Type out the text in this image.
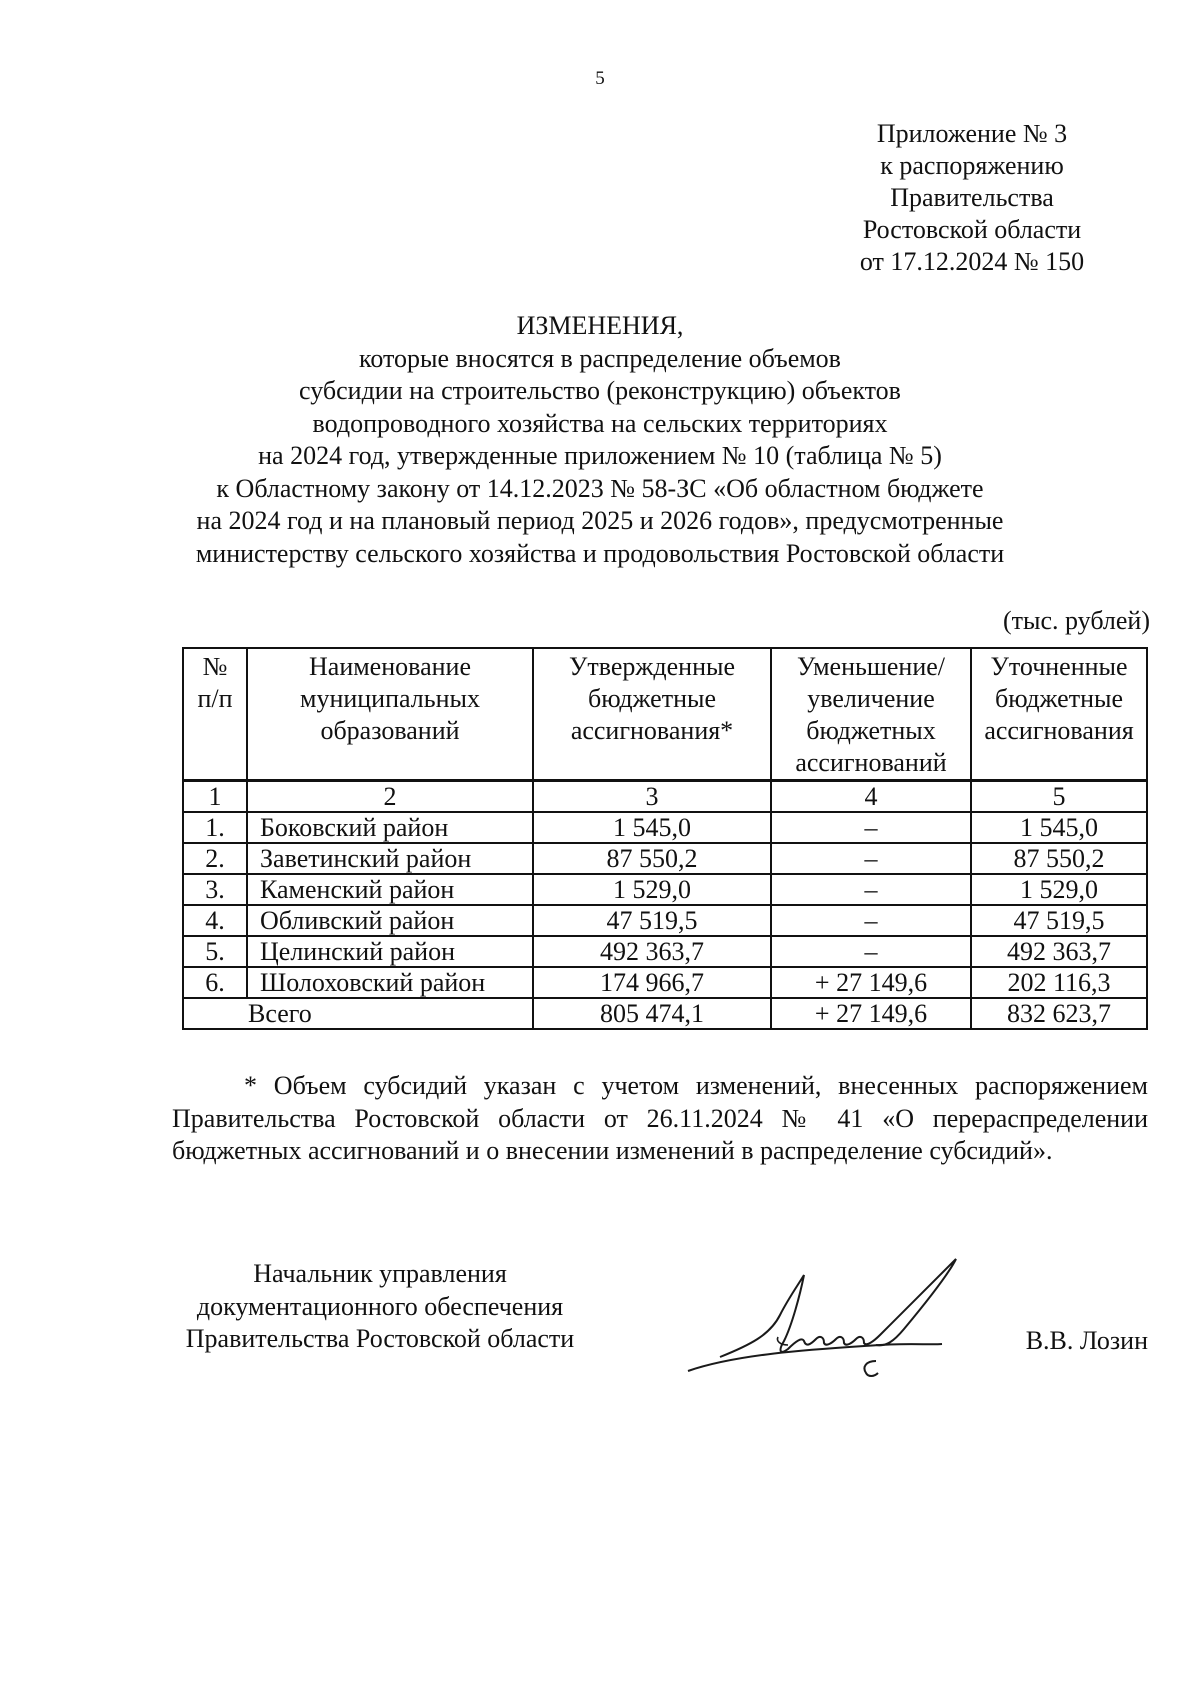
5
Приложение № 3
к распоряжению
Правительства
Ростовской области
от 17.12.2024 № 150
ИЗМЕНЕНИЯ,
которые вносятся в распределение объемов
субсидии на строительство (реконструкцию) объектов
водопроводного хозяйства на сельских территориях
на 2024 год, утвержденные приложением № 10 (таблица № 5)
к Областному закону от 14.12.2023 № 58-ЗС «Об областном бюджете
на 2024 год и на плановый период 2025 и 2026 годов», предусмотренные
министерству сельского хозяйства и продовольствия Ростовской области
(тыс. рублей)
№
п/п	Наименование
муниципальных
образований	Утвержденные
бюджетные
ассигнования*	Уменьшение/
увеличение
бюджетных
ассигнований	Уточненные
бюджетные
ассигнования

1	2	3	4	5
1.	Боковский район	1 545,0	–	1 545,0
2.	Заветинский район	87 550,2	–	87 550,2
3.	Каменский район	1 529,0	–	1 529,0
4.	Обливский район	47 519,5	–	47 519,5
5.	Целинский район	492 363,7	–	492 363,7
6.	Шолоховский район	174 966,7	+ 27 149,6	202 116,3
Всего		805 474,1	+ 27 149,6	832 623,7
* Объем субсидий указан с учетом изменений, внесенных распоряжением
Правительства Ростовской области от 26.11.2024 № 41 «О перераспределении
бюджетных ассигнований и о внесении изменений в распределение субсидий».
Начальник управления
документационного обеспечения
Правительства Ростовской области	В.В. Лозин
